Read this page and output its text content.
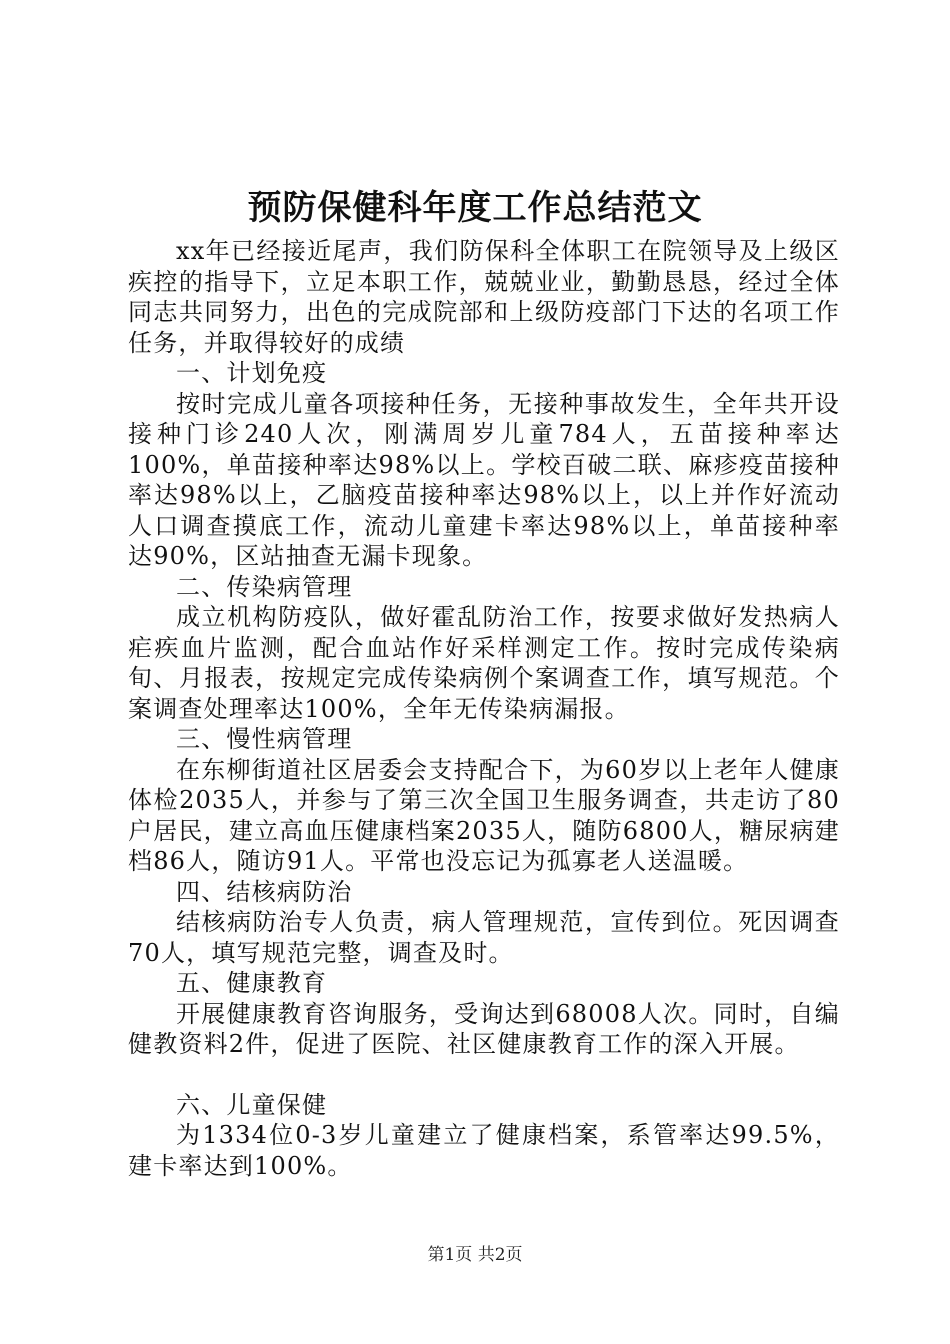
预防保健科年度工作总结范文

xx年已经接近尾声，我们防保科全体职工在院领导及上级区疾控的指导下，立足本职工作，兢兢业业，勤勤恳恳，经过全体同志共同努力，出色的完成院部和上级防疫部门下达的名项工作任务，并取得较好的成绩

一、计划免疫

按时完成儿童各项接种任务，无接种事故发生，全年共开设接种门诊240人次，刚满周岁儿童784人，五苗接种率达100%，单苗接种率达98%以上。学校百破二联、麻疹疫苗接种率达98%以上，乙脑疫苗接种率达98%以上，以上并作好流动人口调查摸底工作，流动儿童建卡率达98%以上，单苗接种率达90%，区站抽查无漏卡现象。

二、传染病管理

成立机构防疫队，做好霍乱防治工作，按要求做好发热病人疟疾血片监测，配合血站作好采样测定工作。按时完成传染病旬、月报表，按规定完成传染病例个案调查工作，填写规范。个案调查处理率达100%，全年无传染病漏报。

三、慢性病管理

在东柳街道社区居委会支持配合下，为60岁以上老年人健康体检2035人，并参与了第三次全国卫生服务调查，共走访了80户居民，建立高血压健康档案2035人，随防6800人，糖尿病建档86人，随访91人。平常也没忘记为孤寡老人送温暖。

四、结核病防治

结核病防治专人负责，病人管理规范，宣传到位。死因调查70人，填写规范完整，调查及时。

五、健康教育

开展健康教育咨询服务，受询达到68008人次。同时，自编健教资料2件，促进了医院、社区健康教育工作的深入开展。

六、儿童保健

为1334位0-3岁儿童建立了健康档案，系管率达99.5%，建卡率达到100%。

第1页 共2页
